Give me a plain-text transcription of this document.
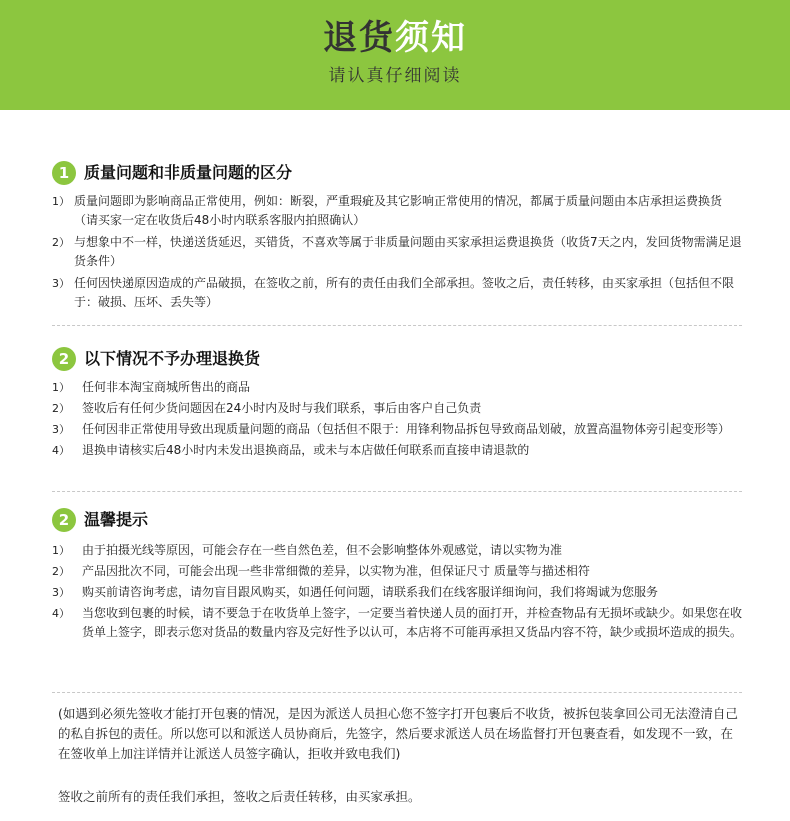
退货须知
请认真仔细阅读
1 质量问题和非质量问题的区分
1） 质量问题即为影响商品正常使用，例如：断裂，严重瑕疵及其它影响正常使用的情况，都属于质量问题由本店承担运费换货（请买家一定在收货后48小时内联系客服内拍照确认）
2） 与想象中不一样，快递送货延迟，买错货，不喜欢等属于非质量问题由买家承担运费退换货（收货7天之内，发回货物需满足退货条件）
3） 任何因快递原因造成的产品破损，在签收之前，所有的责任由我们全部承担。签收之后，责任转移，由买家承担（包括但不限于：破损、压坏、丢失等）
2 以下情况不予办理退换货
1）	任何非本淘宝商城所售出的商品
2）	签收后有任何少货问题因在24小时内及时与我们联系，事后由客户自己负责
3）	任何因非正常使用导致出现质量问题的商品（包括但不限于：用锋利物品拆包导致商品划破，放置高温物体旁引起变形等）
4）	退换申请核实后48小时内未发出退换商品，或未与本店做任何联系而直接申请退款的
2 温馨提示
1）	由于拍摄光线等原因，可能会存在一些自然色差，但不会影响整体外观感觉，请以实物为准
2）	产品因批次不同，可能会出现一些非常细微的差异，以实物为准，但保证尺寸 质量等与描述相符
3）	购买前请咨询考虑，请勿盲目跟风购买，如遇任何问题，请联系我们在线客服详细询问，我们将竭诚为您服务
4）	当您收到包裹的时候，请不要急于在收货单上签字，一定要当着快递人员的面打开，并检查物品有无损坏或缺少。如果您在收货单上签字，即表示您对货品的数量内容及完好性予以认可，本店将不可能再承担又货品内容不符，缺少或损坏造成的损失。
(如遇到必须先签收才能打开包裹的情况，是因为派送人员担心您不签字打开包裹后不收货，被拆包装拿回公司无法澄清自己的私自拆包的责任。所以您可以和派送人员协商后，先签字，然后要求派送人员在场监督打开包裹查看，如发现不一致，在在签收单上加注详情并让派送人员签字确认，拒收并致电我们)
签收之前所有的责任我们承担，签收之后责任转移，由买家承担。
